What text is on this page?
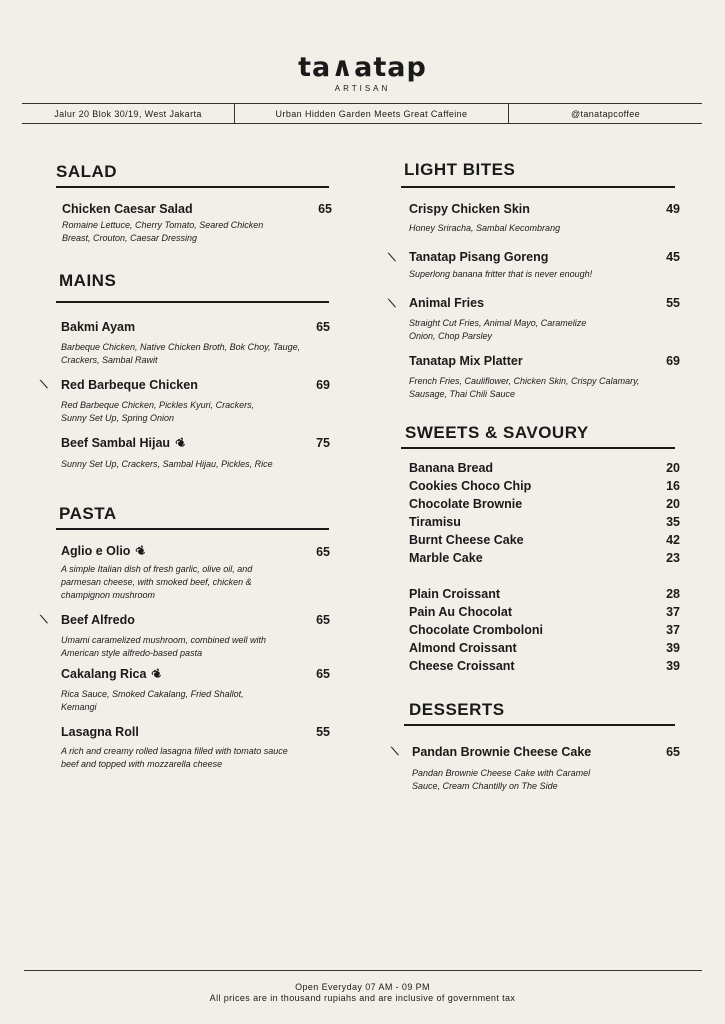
ta∧atap
ARTISAN
Jalur 20 Blok 30/19, West Jakarta	Urban Hidden Garden Meets Great Caffeine	@tanatapcoffee
SALAD
Chicken Caesar Salad	65
Romaine Lettuce, Cherry Tomato, Seared Chicken
Breast, Crouton, Caesar Dressing
MAINS
Bakmi Ayam	65
Barbeque Chicken, Native Chicken Broth, Bok Choy, Tauge,
Crackers, Sambal Rawit
⟍ Red Barbeque Chicken	69
Red Barbeque Chicken, Pickles Kyuri, Crackers,
Sunny Set Up, Spring Onion
Beef Sambal Hijau ❦	75
Sunny Set Up, Crackers, Sambal Hijau, Pickles, Rice
PASTA
Aglio e Olio ❦	65
A simple Italian dish of fresh garlic, olive oil, and
parmesan cheese, with smoked beef, chicken &
champignon mushroom
⟍ Beef Alfredo	65
Umami caramelized mushroom, combined well with
American style alfredo-based pasta
Cakalang Rica ❦	65
Rica Sauce, Smoked Cakalang, Fried Shallot,
Kemangi
Lasagna Roll	55
A rich and creamy rolled lasagna filled with tomato sauce
beef and topped with mozzarella cheese
LIGHT BITES
Crispy Chicken Skin	49
Honey Sriracha, Sambal Kecombrang
⟍ Tanatap Pisang Goreng	45
Superlong banana fritter that is never enough!
⟍ Animal Fries	55
Straight Cut Fries, Animal Mayo, Caramelize
Onion, Chop Parsley
Tanatap Mix Platter	69
French Fries, Cauliflower, Chicken Skin, Crispy Calamary,
Sausage, Thai Chili Sauce
SWEETS & SAVOURY
Banana Bread	20
Cookies Choco Chip	16
Chocolate Brownie	20
Tiramisu	35
Burnt Cheese Cake	42
Marble Cake	23
Plain Croissant	28
Pain Au Chocolat	37
Chocolate Cromboloni	37
Almond Croissant	39
Cheese Croissant	39
DESSERTS
⟍ Pandan Brownie Cheese Cake	65
Pandan Brownie Cheese Cake with Caramel
Sauce, Cream Chantilly on The Side
Open Everyday 07 AM - 09 PM
All prices are in thousand rupiahs and are inclusive of government tax
